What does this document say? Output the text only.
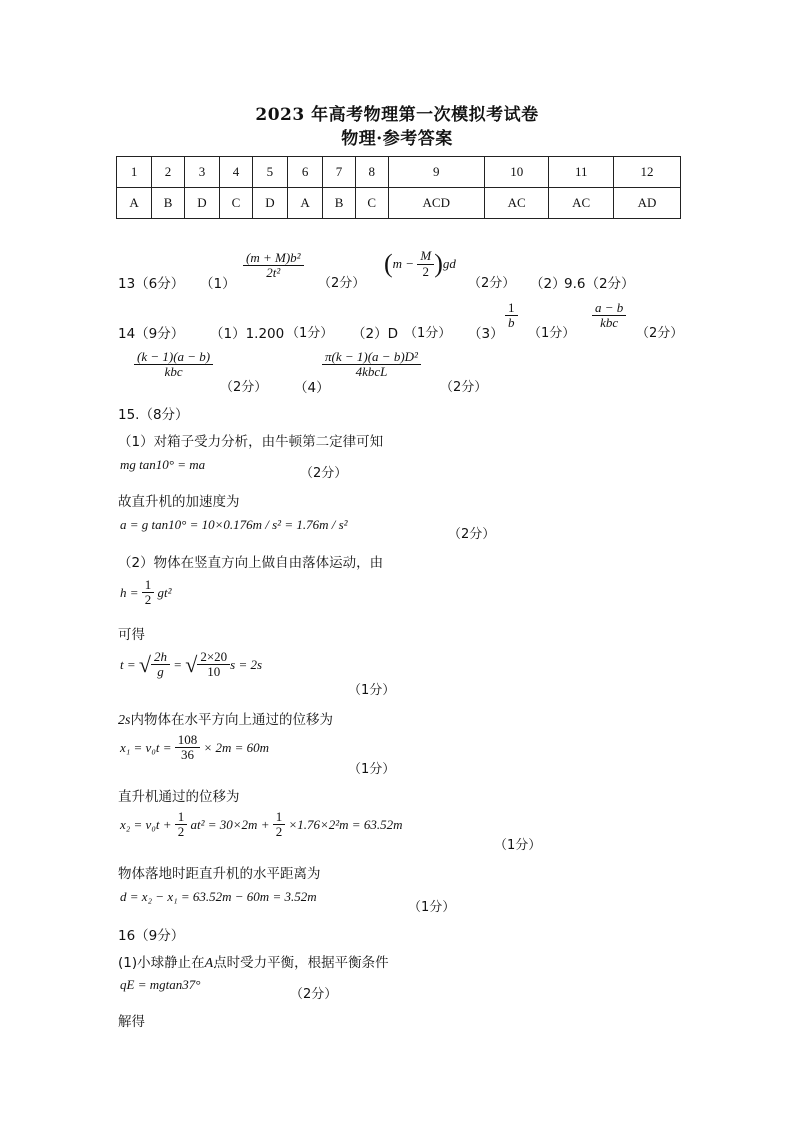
2023 年高考物理第一次模拟考试卷
物理·参考答案
1	2	3	4	5	6	7	8	9	10	11	12
A	B	D	C	D	A	B	C	ACD	AC	AC	AD
13（6分） （1）
$\frac{\text{(m + M)b²}}{\text{2t²}}$
（2分）
$(m - \frac{M}{2} )gd$
（2分） （2）
9.6（2分）
14（9分） （1）1.200 （1分） （2）D （1分） （3）
$\frac{1}{b}$
（1分）
$\frac{a - b}{\text{kbc}}$
（2分）
$\frac{(k - 1)(a - b)}{\text{kbc}}$
（2分） （4）
$\frac{\text{π(k − 1)(a − b)D²}}{\text{4kbcL}}$
（2分）
15.（8分）
（1）对箱子受力分析，由牛顿第二定律可知
mg tan10° = ma
（2分）
故直升机的加速度为
a = g tan10° = 10×0.176m / s² = 1.76m / s²
（2分）
（2）物体在竖直方向上做自由落体运动，由
$h = \frac{1}{2} gt^2$
可得
t = √ $\frac{2h}{g}$ = √ $\frac{2\times 20}{10}$ s = 2s
（1分）
2s内物体在水平方向上通过的位移为
$x_1 = v_0t = \frac{108}{36} \times 2m = 60m$
（1分）
直升机通过的位移为
$x_2 = v_0t + \frac{1}{2} at^2 = 30\times 2m + \frac{1}{2} \times 1.76\times 2^2m = 63.52m$
（1分）
物体落地时距直升机的水平距离为
d = x₂ − x₁ = 63.52m − 60m = 3.52m
（1分）
16（9分）
(1)小球静止在A点时受力平衡，根据平衡条件
qE = mgtan37°
（2分）
解得
